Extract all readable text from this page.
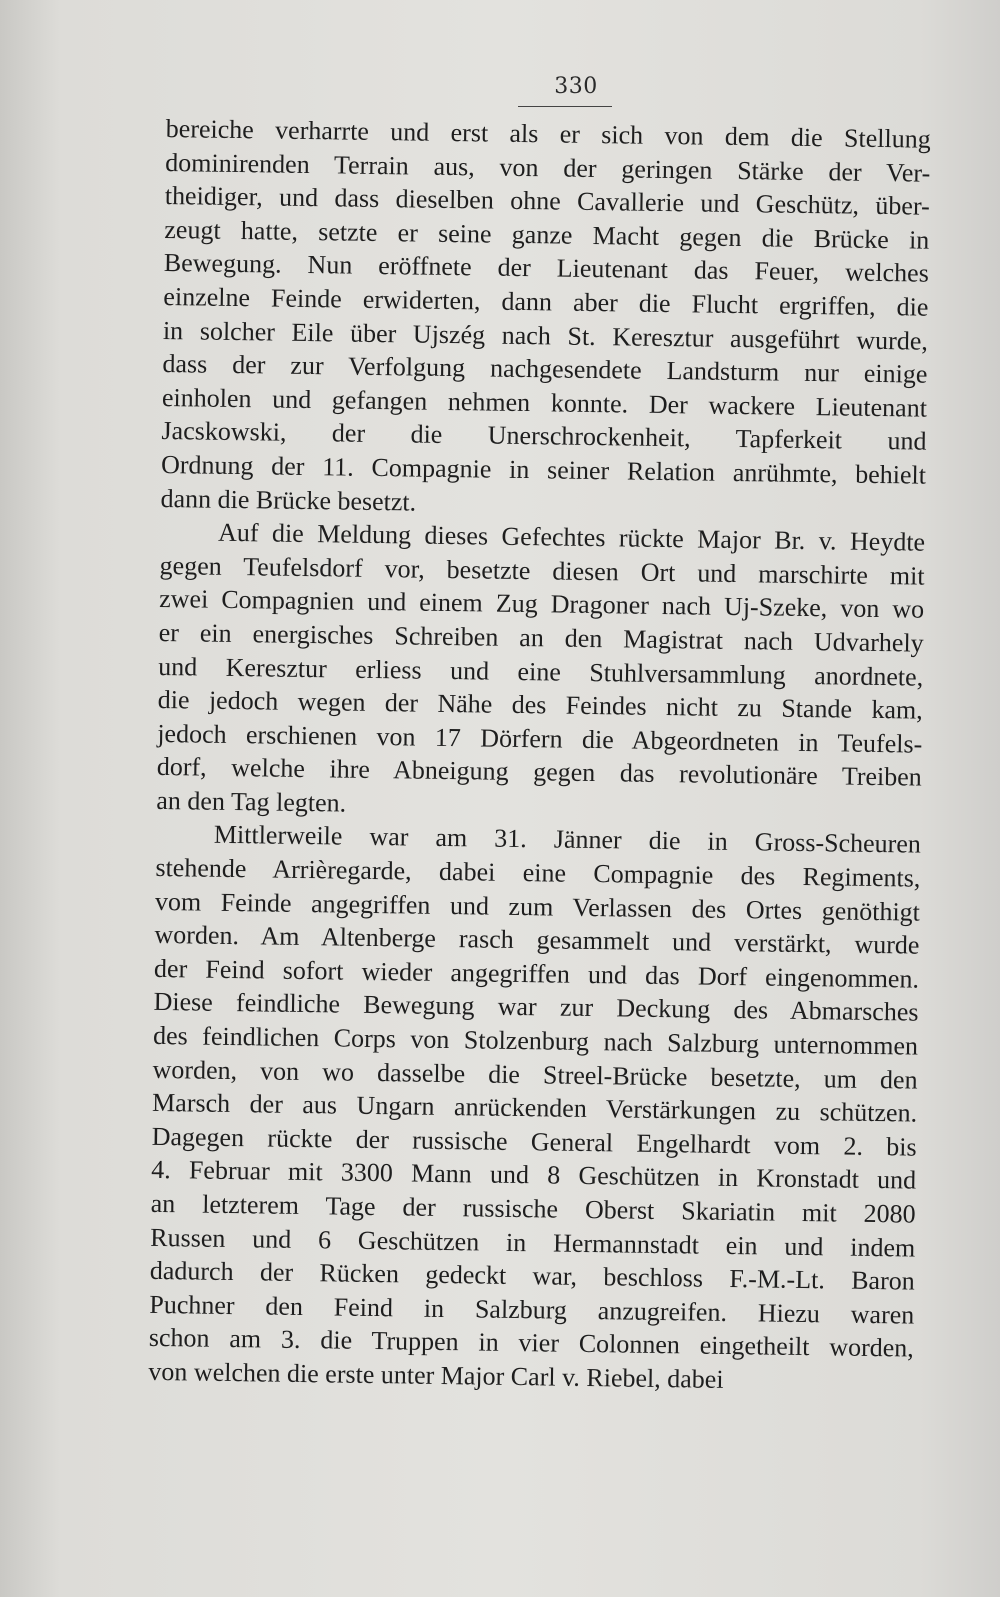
330
bereiche verharrte und erst als er sich von dem die Stellung
dominirenden Terrain aus, von der geringen Stärke der Ver-
theidiger, und dass dieselben ohne Cavallerie und Geschütz, über-
zeugt hatte, setzte er seine ganze Macht gegen die Brücke in
Bewegung. Nun eröffnete der Lieutenant das Feuer, welches
einzelne Feinde erwiderten, dann aber die Flucht ergriffen, die
in solcher Eile über Ujszég nach St. Keresztur ausgeführt wurde,
dass der zur Verfolgung nachgesendete Landsturm nur einige
einholen und gefangen nehmen konnte. Der wackere Lieutenant
Jacskowski, der die Unerschrockenheit, Tapferkeit und
Ordnung der 11. Compagnie in seiner Relation anrühmte, behielt
dann die Brücke besetzt.
Auf die Meldung dieses Gefechtes rückte Major Br. v. Heydte
gegen Teufelsdorf vor, besetzte diesen Ort und marschirte mit
zwei Compagnien und einem Zug Dragoner nach Uj-Szeke, von wo
er ein energisches Schreiben an den Magistrat nach Udvarhely
und Keresztur erliess und eine Stuhlversammlung anordnete,
die jedoch wegen der Nähe des Feindes nicht zu Stande kam,
jedoch erschienen von 17 Dörfern die Abgeordneten in Teufels-
dorf, welche ihre Abneigung gegen das revolutionäre Treiben
an den Tag legten.
Mittlerweile war am 31. Jänner die in Gross-Scheuren
stehende Arrièregarde, dabei eine Compagnie des Regiments,
vom Feinde angegriffen und zum Verlassen des Ortes genöthigt
worden. Am Altenberge rasch gesammelt und verstärkt, wurde
der Feind sofort wieder angegriffen und das Dorf eingenommen.
Diese feindliche Bewegung war zur Deckung des Abmarsches
des feindlichen Corps von Stolzenburg nach Salzburg unternommen
worden, von wo dasselbe die Streel-Brücke besetzte, um den
Marsch der aus Ungarn anrückenden Verstärkungen zu schützen.
Dagegen rückte der russische General Engelhardt vom 2. bis
4. Februar mit 3300 Mann und 8 Geschützen in Kronstadt und
an letzterem Tage der russische Oberst Skariatin mit 2080
Russen und 6 Geschützen in Hermannstadt ein und indem
dadurch der Rücken gedeckt war, beschloss F.-M.-Lt. Baron
Puchner den Feind in Salzburg anzugreifen. Hiezu waren
schon am 3. die Truppen in vier Colonnen eingetheilt worden,
von welchen die erste unter Major Carl v. Riebel, dabei
